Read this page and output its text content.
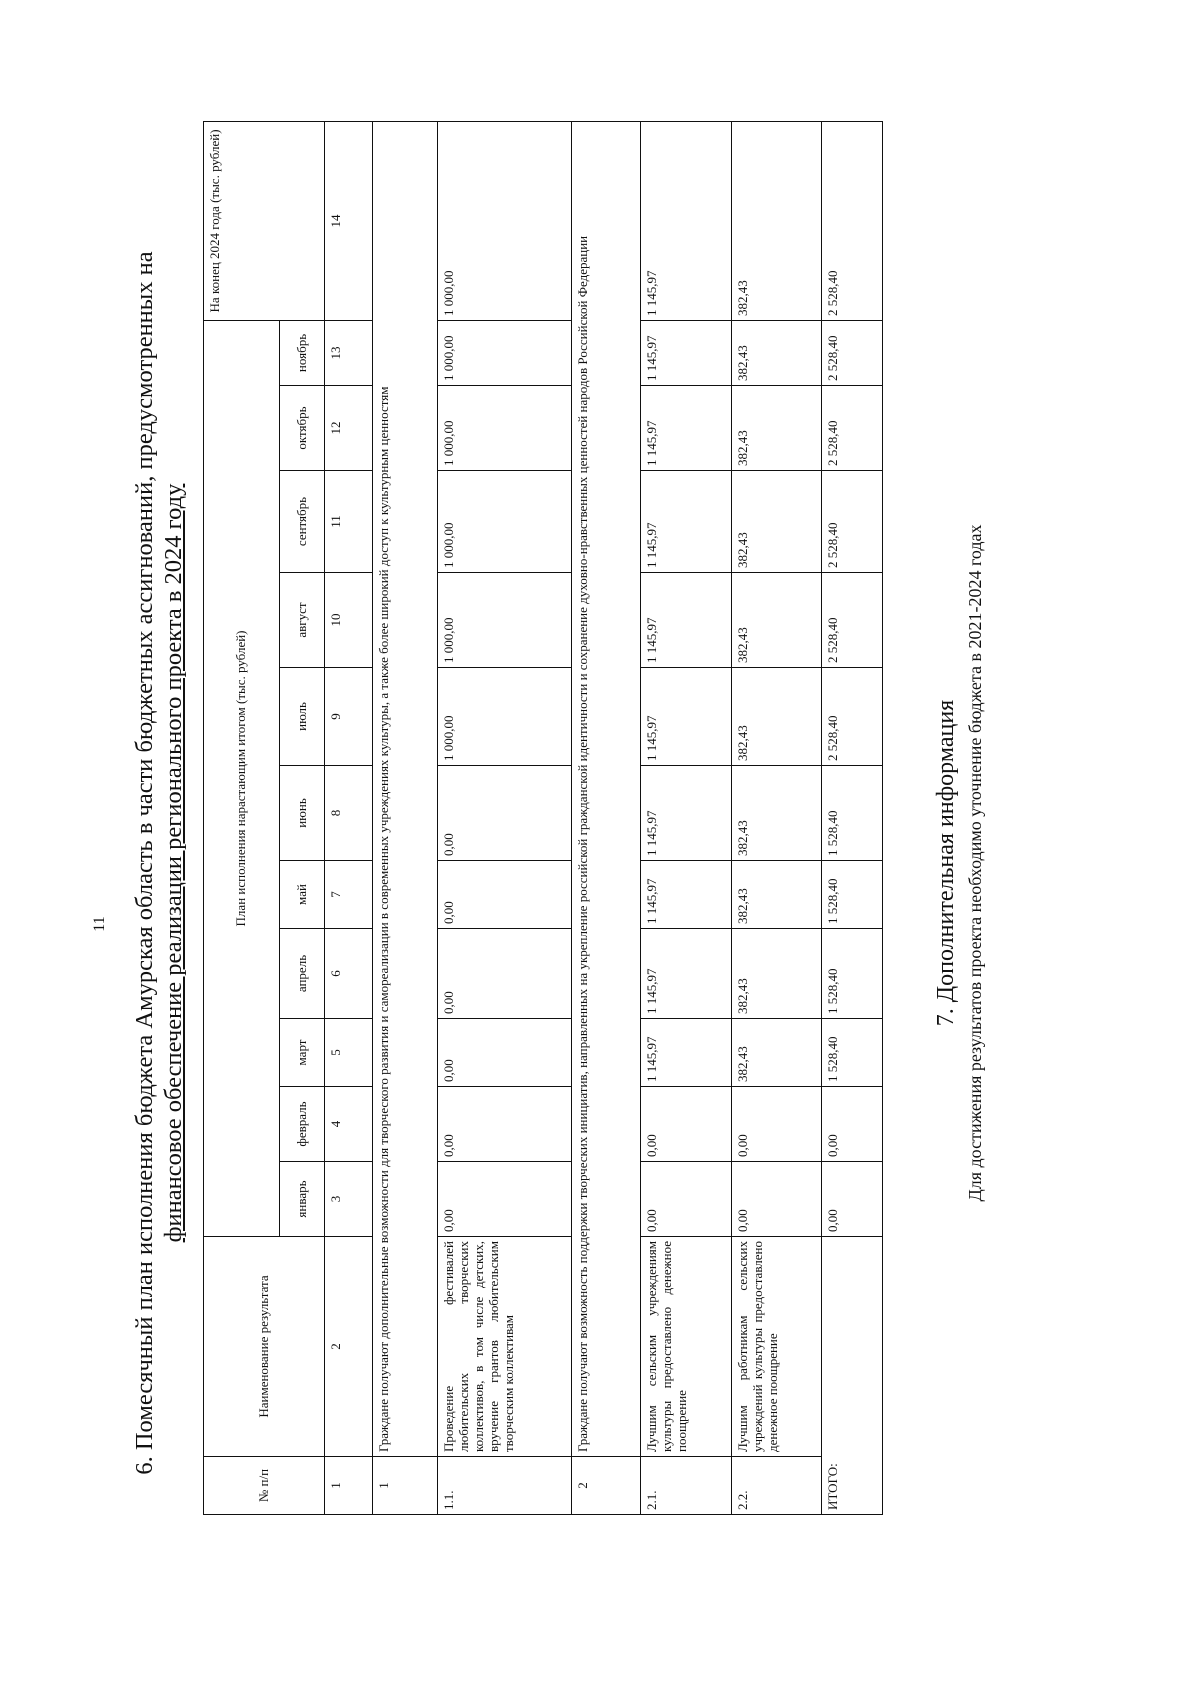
11 6. Помесячный план исполнения бюджета Амурская область в части бюджетных ассигнований, предусмотренных на финансовое обеспечение реализации регионального проекта в 2024 году
№ п/п	Наименование результата	План исполнения нарастающим итогом (тыс. рублей)											На конец 2024 года (тыс. рублей)
		январь	февраль	март	апрель	май	июнь	июль	август	сентябрь	октябрь	ноябрь	
1	2	3	4	5	6	7	8	9	10	11	12	13	14
1	Граждане получают дополнительные возможности для творческого развития и самореализации в современных учреждениях культуры, а также более широкий доступ к культурным ценностям												
1.1.	Проведение фестивалей любительских творческих коллективов, в том числе детских, вручение грантов любительским творческим коллективам	0,00	0,00	0,00	0,00	0,00	0,00	1 000,00	1 000,00	1 000,00	1 000,00	1 000,00	1 000,00
2	Граждане получают возможность поддержки творческих инициатив, направленных на укрепление российской гражданской идентичности и сохранение духовно-нравственных ценностей народов Российской Федерации												
2.1.	Лучшим сельским учреждениям культуры предоставлено денежное поощрение	0,00	0,00	1 145,97	1 145,97	1 145,97	1 145,97	1 145,97	1 145,97	1 145,97	1 145,97	1 145,97	1 145,97
2.2.	Лучшим работникам сельских учреждений культуры предоставлено денежное поощрение	0,00	0,00	382,43	382,43	382,43	382,43	382,43	382,43	382,43	382,43	382,43	382,43
ИТОГО:		0,00	0,00	1 528,40	1 528,40	1 528,40	1 528,40	2 528,40	2 528,40	2 528,40	2 528,40	2 528,40	2 528,40
7. Дополнительная информация Для достижения результатов проекта необходимо уточнение бюджета в 2021-2024 годах
